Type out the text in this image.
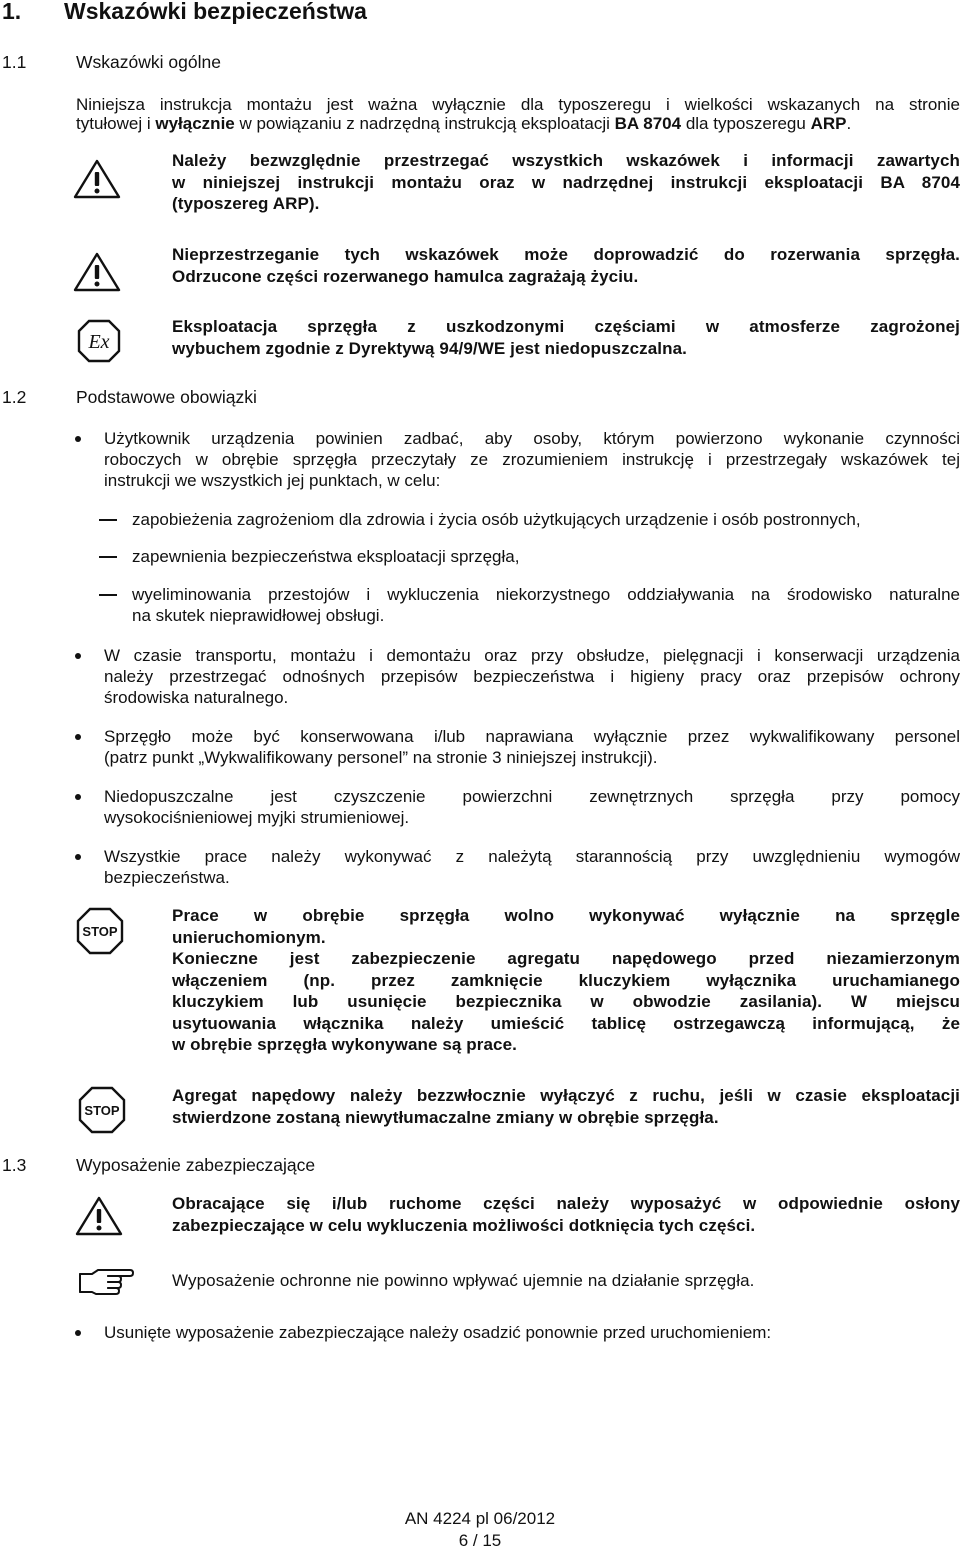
1. Wskazówki bezpieczeństwa
1.1	Wskazówki ogólne
Niniejsza instrukcja montażu jest ważna wyłącznie dla typoszeregu i wielkości wskazanych na stronie
tytułowej i wyłącznie w powiązaniu z nadrzędną instrukcją eksploatacji BA 8704 dla typoszeregu ARP.
Należy bezwzględnie przestrzegać wszystkich wskazówek i informacji zawartych
w niniejszej instrukcji montażu oraz w nadrzędnej instrukcji eksploatacji BA 8704
(typoszereg ARP).
Nieprzestrzeganie tych wskazówek może doprowadzić do rozerwania sprzęgła.
Odrzucone części rozerwanego hamulca zagrażają życiu.
Ex
Eksploatacja sprzęgła z uszkodzonymi częściami w atmosferze zagrożonej
wybuchem zgodnie z Dyrektywą 94/9/WE jest niedopuszczalna.
1.2	Podstawowe obowiązki
Użytkownik urządzenia powinien zadbać, aby osoby, którym powierzono wykonanie czynności
roboczych w obrębie sprzęgła przeczytały ze zrozumieniem instrukcję i przestrzegały wskazówek tej
instrukcji we wszystkich jej punktach, w celu:
zapobieżenia zagrożeniom dla zdrowia i życia osób użytkujących urządzenie i osób postronnych,
zapewnienia bezpieczeństwa eksploatacji sprzęgła,
wyeliminowania przestojów i wykluczenia niekorzystnego oddziaływania na środowisko naturalne
na skutek nieprawidłowej obsługi.
W czasie transportu, montażu i demontażu oraz przy obsłudze, pielęgnacji i konserwacji urządzenia
należy przestrzegać odnośnych przepisów bezpieczeństwa i higieny pracy oraz przepisów ochrony
środowiska naturalnego.
Sprzęgło może być konserwowana i/lub naprawiana wyłącznie przez wykwalifikowany personel
(patrz punkt „Wykwalifikowany personel” na stronie 3 niniejszej instrukcji).
Niedopuszczalne jest czyszczenie powierzchni zewnętrznych sprzęgła przy pomocy
wysokociśnieniowej myjki strumieniowej.
Wszystkie prace należy wykonywać z należytą starannością przy uwzględnieniu wymogów
bezpieczeństwa.
STOP
Prace w obrębie sprzęgła wolno wykonywać wyłącznie na sprzęgle
unieruchomionym.
Konieczne jest zabezpieczenie agregatu napędowego przed niezamierzonym
włączeniem (np. przez zamknięcie kluczykiem wyłącznika uruchamianego
kluczykiem lub usunięcie bezpiecznika w obwodzie zasilania). W miejscu
usytuowania włącznika należy umieścić tablicę ostrzegawczą informującą, że
w obrębie sprzęgła wykonywane są prace.
STOP
Agregat napędowy należy bezzwłocznie wyłączyć z ruchu, jeśli w czasie eksploatacji
stwierdzone zostaną niewytłumaczalne zmiany w obrębie sprzęgła.
1.3	Wyposażenie zabezpieczające
Obracające się i/lub ruchome części należy wyposażyć w odpowiednie osłony
zabezpieczające w celu wykluczenia możliwości dotknięcia tych części.
Wyposażenie ochronne nie powinno wpływać ujemnie na działanie sprzęgła.
Usunięte wyposażenie zabezpieczające należy osadzić ponownie przed uruchomieniem:
AN 4224 pl 06/2012
6 / 15
